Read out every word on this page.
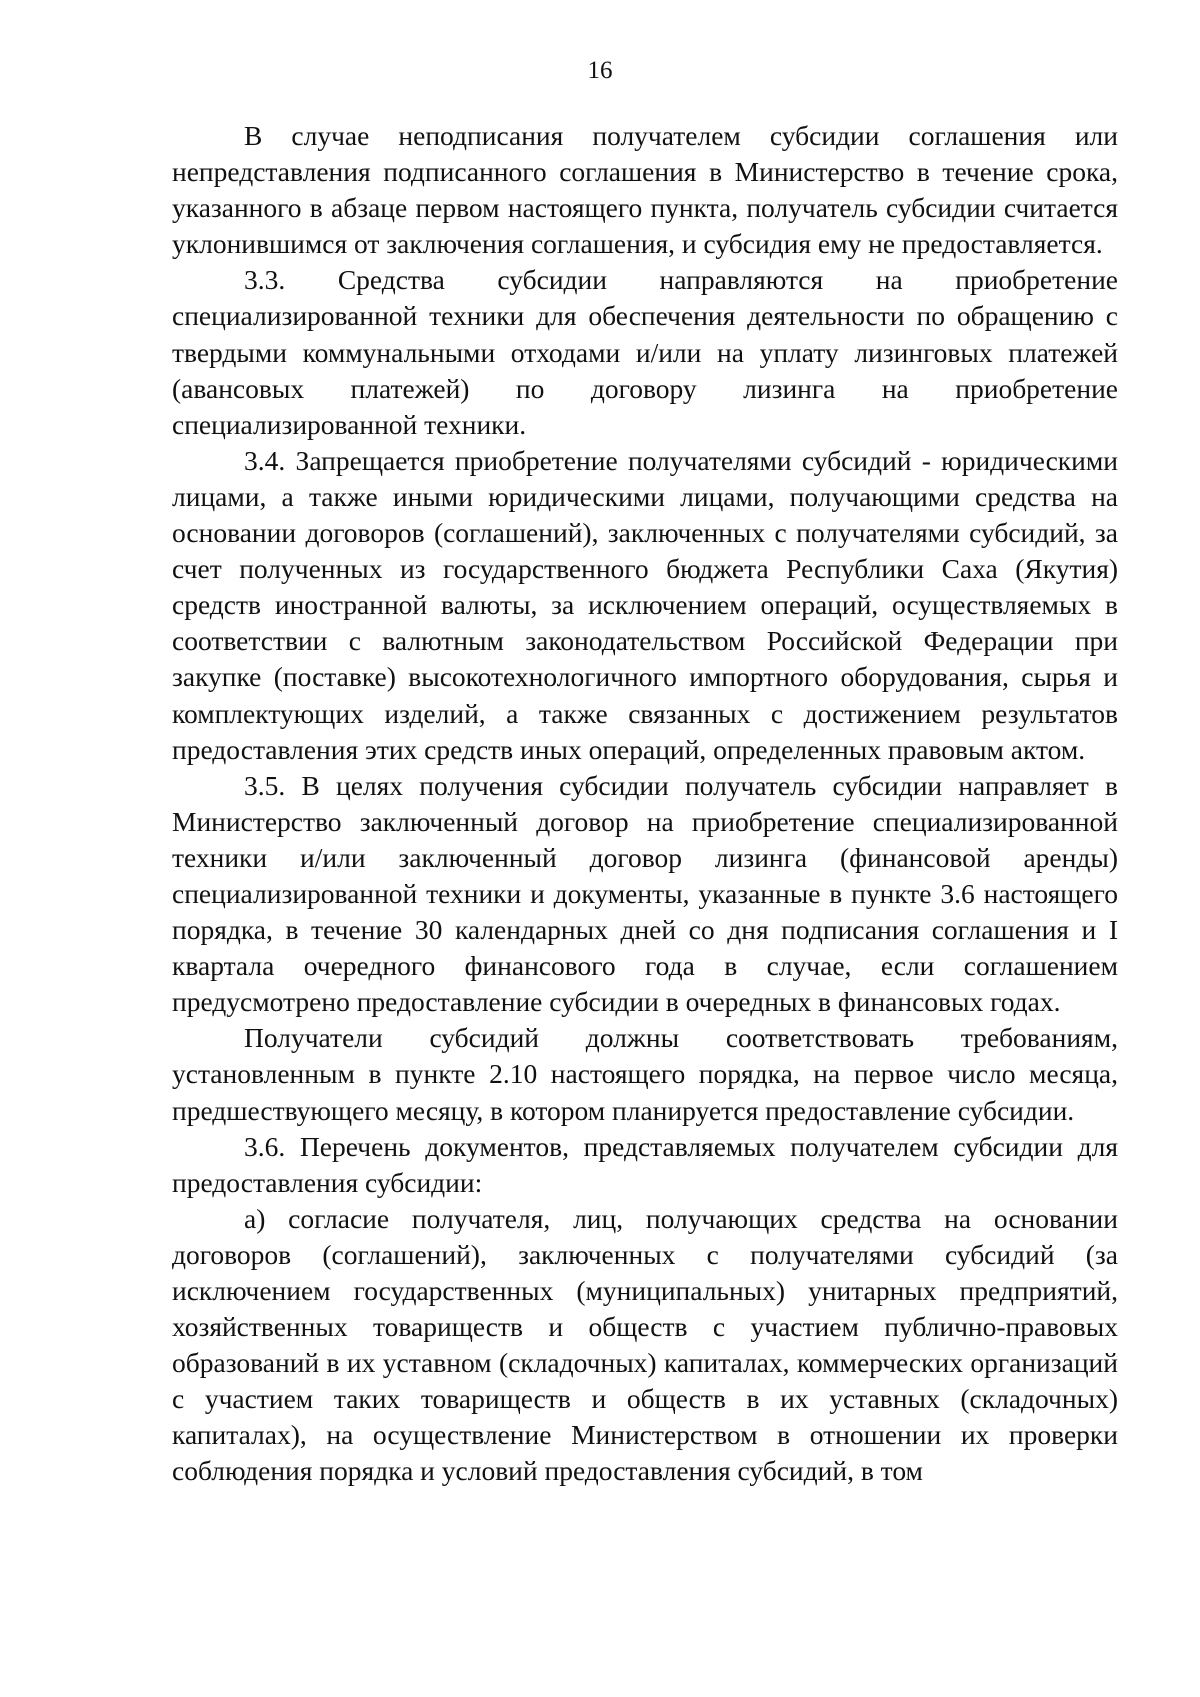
16

В случае неподписания получателем субсидии соглашения или непредставления подписанного соглашения в Министерство в течение срока, указанного в абзаце первом настоящего пункта, получатель субсидии считается уклонившимся от заключения соглашения, и субсидия ему не предоставляется.

3.3. Средства субсидии направляются на приобретение специализированной техники для обеспечения деятельности по обращению с твердыми коммунальными отходами и/или на уплату лизинговых платежей (авансовых платежей) по договору лизинга на приобретение специализированной техники.

3.4. Запрещается приобретение получателями субсидий - юридическими лицами, а также иными юридическими лицами, получающими средства на основании договоров (соглашений), заключенных с получателями субсидий, за счет полученных из государственного бюджета Республики Саха (Якутия) средств иностранной валюты, за исключением операций, осуществляемых в соответствии с валютным законодательством Российской Федерации при закупке (поставке) высокотехнологичного импортного оборудования, сырья и комплектующих изделий, а также связанных с достижением результатов предоставления этих средств иных операций, определенных правовым актом.

3.5. В целях получения субсидии получатель субсидии направляет в Министерство заключенный договор на приобретение специализированной техники и/или заключенный договор лизинга (финансовой аренды) специализированной техники и документы, указанные в пункте 3.6 настоящего порядка, в течение 30 календарных дней со дня подписания соглашения и I квартала очередного финансового года в случае, если соглашением предусмотрено предоставление субсидии в очередных в финансовых годах.

Получатели субсидий должны соответствовать требованиям, установленным в пункте 2.10 настоящего порядка, на первое число месяца, предшествующего месяцу, в котором планируется предоставление субсидии.

3.6. Перечень документов, представляемых получателем субсидии для предоставления субсидии:

а) согласие получателя, лиц, получающих средства на основании договоров (соглашений), заключенных с получателями субсидий (за исключением государственных (муниципальных) унитарных предприятий, хозяйственных товариществ и обществ с участием публично-правовых образований в их уставном (складочных) капиталах, коммерческих организаций с участием таких товариществ и обществ в их уставных (складочных) капиталах), на осуществление Министерством в отношении их проверки соблюдения порядка и условий предоставления субсидий, в том
